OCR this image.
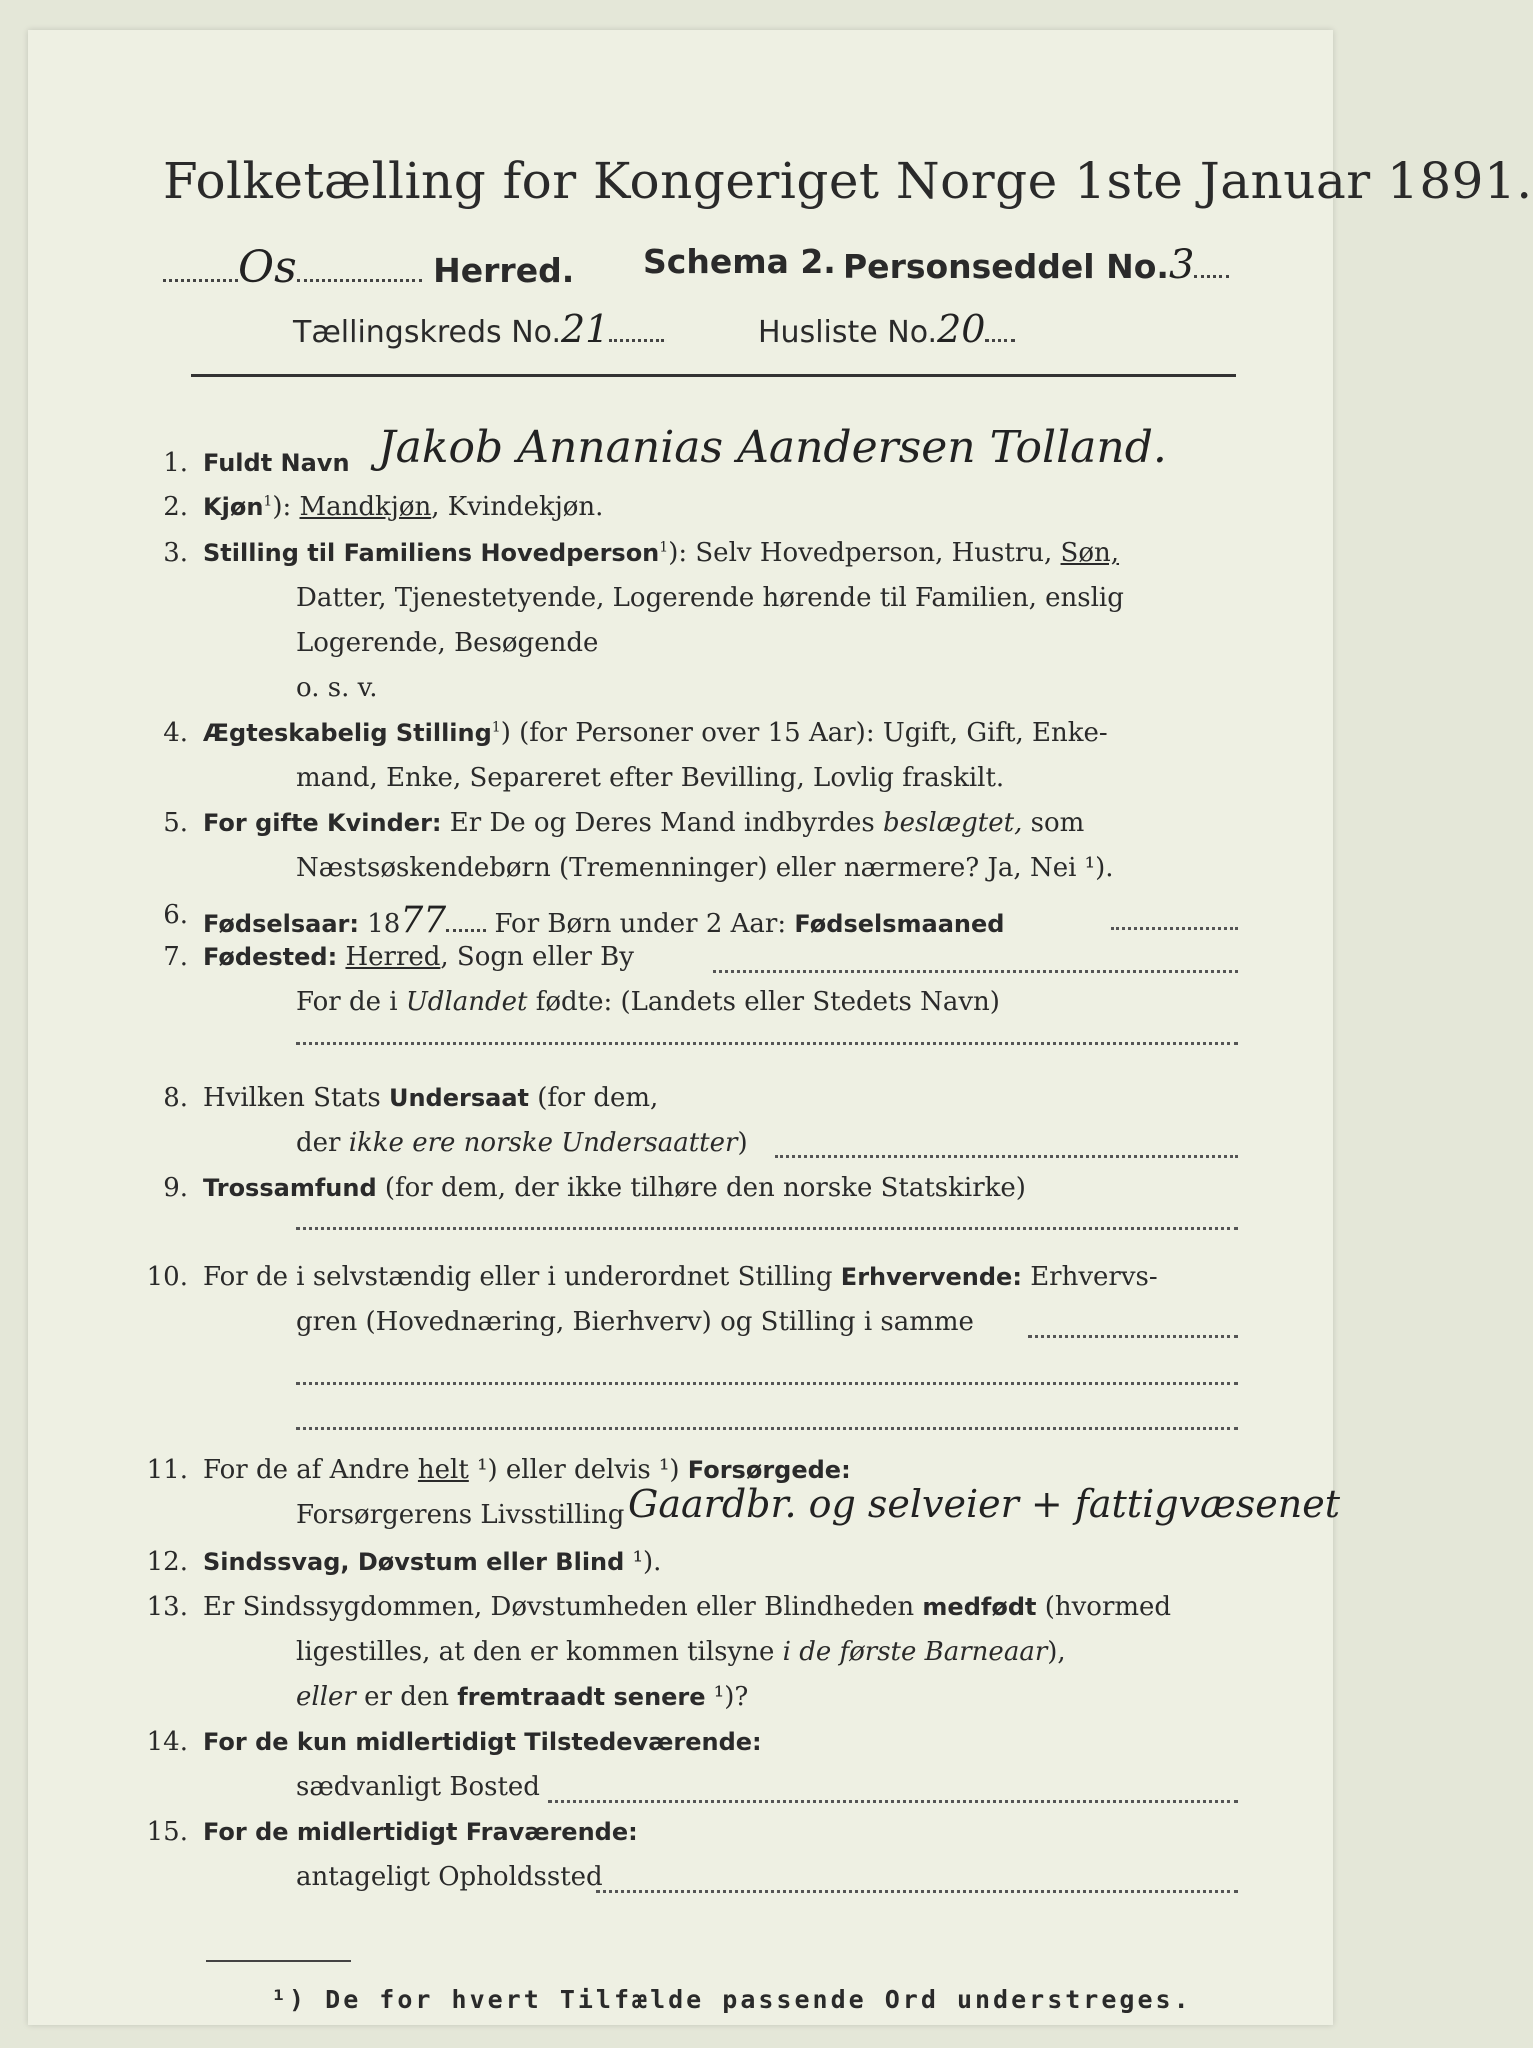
Folketælling for Kongeriget Norge 1ste Januar 1891.
Os	Herred. Schema 2. Personseddel No.3
Tællingskreds No.21	Husliste No.20
1. Fuldt Navn Jakob Annanias Aandersen Tolland.
2. Kjøn$^1$): Mandkjøn, Kvindekjøn.
3. Stilling til Familiens Hovedperson$^1$): Selv Hovedperson, Hustru, Søn,
Datter, Tjenestetyende, Logerende hørende til Familien, enslig
Logerende, Besøgende
o. s. v.
4. Ægteskabelig Stilling$^1$) (for Personer over 15 Aar): Ugift, Gift, Enke-
mand, Enke, Separeret efter Bevilling, Lovlig fraskilt.
5. For gifte Kvinder: Er De og Deres Mand indbyrdes beslægtet, som
Næstsøskendebørn (Tremenninger) eller nærmere? Ja, Nei ¹).
6. Fødselsaar: 1877 For Børn under 2 Aar: Fødselsmaaned
7. Fødested: Herred, Sogn eller By
For de i Udlandet fødte: (Landets eller Stedets Navn)
8. Hvilken Stats Undersaat (for dem,
der ikke ere norske Undersaatter)
9. Trossamfund (for dem, der ikke tilhøre den norske Statskirke)
10. For de i selvstændig eller i underordnet Stilling Erhvervende: Erhvervs-
gren (Hovednæring, Bierhverv) og Stilling i samme
11. For de af Andre helt ¹) eller delvis ¹) Forsørgede:
Forsørgerens Livsstilling Gaardbr. og selveier + fattigvæsenet
12. Sindssvag, Døvstum eller Blind ¹).
13. Er Sindssygdommen, Døvstumheden eller Blindheden medfødt (hvormed
ligestilles, at den er kommen tilsyne i de første Barneaar),
eller er den fremtraadt senere ¹)?
14. For de kun midlertidigt Tilstedeværende:
sædvanligt Bosted
15. For de midlertidigt Fraværende:
antageligt Opholdssted
¹) De for hvert Tilfælde passende Ord understreges.
